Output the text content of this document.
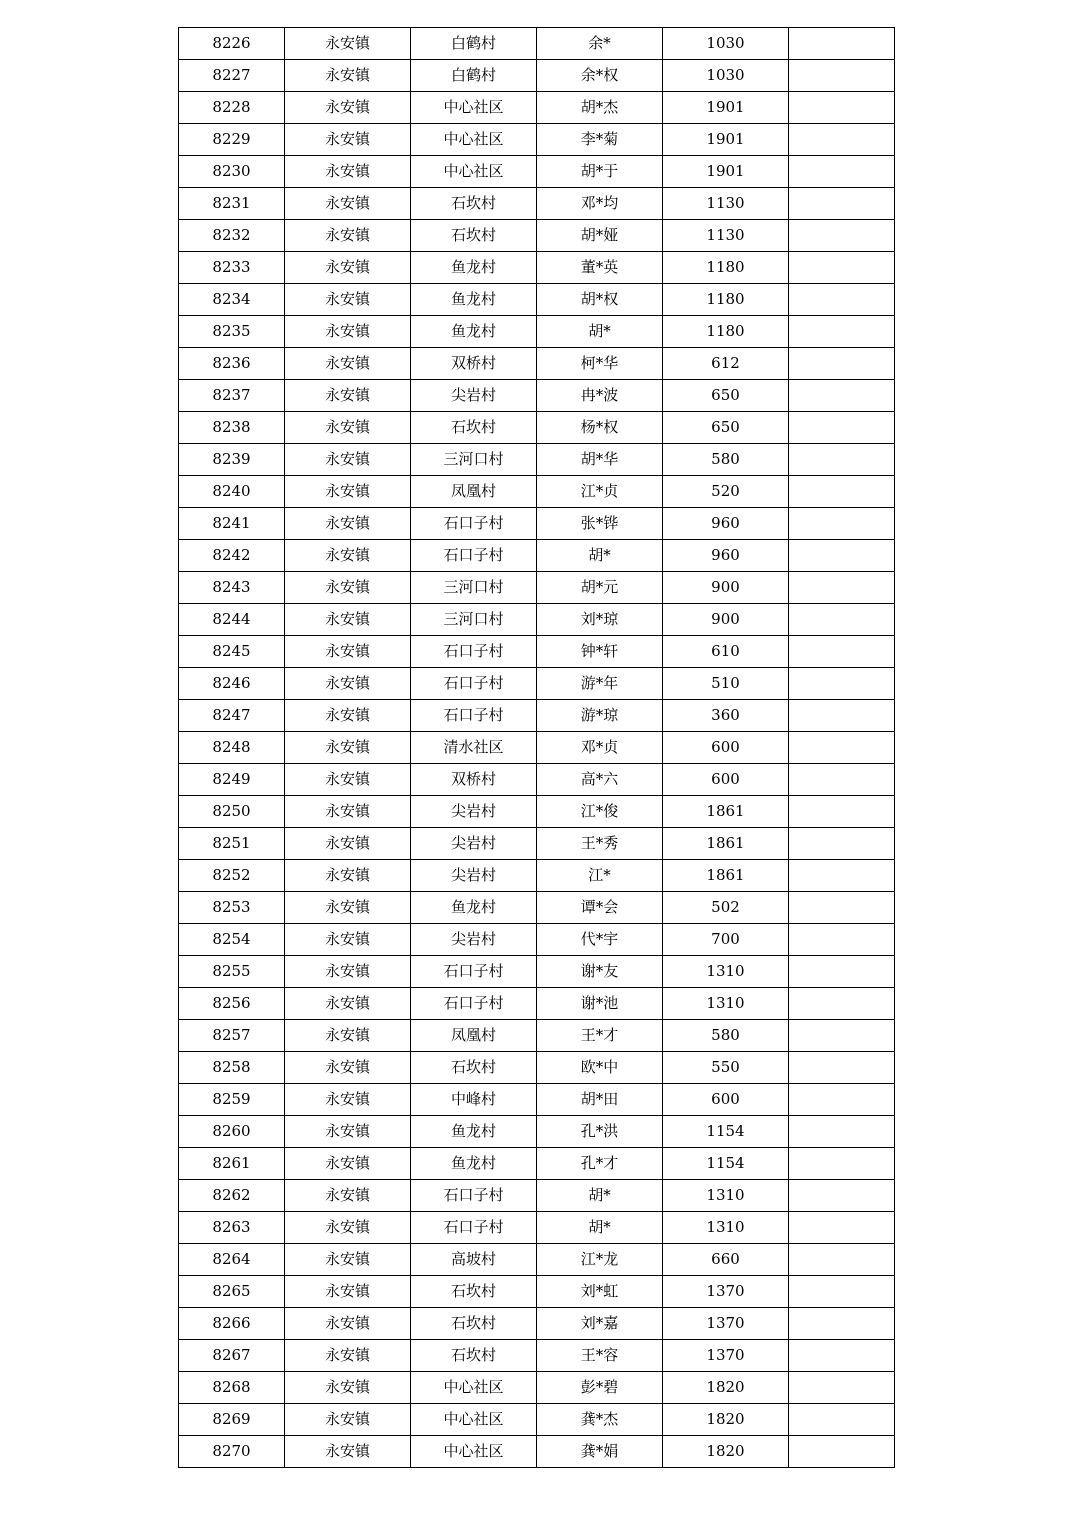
8226	永安镇	白鹤村	余*	1030	
8227	永安镇	白鹤村	余*权	1030	
8228	永安镇	中心社区	胡*杰	1901	
8229	永安镇	中心社区	李*菊	1901	
8230	永安镇	中心社区	胡*于	1901	
8231	永安镇	石坎村	邓*均	1130	
8232	永安镇	石坎村	胡*娅	1130	
8233	永安镇	鱼龙村	董*英	1180	
8234	永安镇	鱼龙村	胡*权	1180	
8235	永安镇	鱼龙村	胡*	1180	
8236	永安镇	双桥村	柯*华	612	
8237	永安镇	尖岩村	冉*波	650	
8238	永安镇	石坎村	杨*权	650	
8239	永安镇	三河口村	胡*华	580	
8240	永安镇	凤凰村	江*贞	520	
8241	永安镇	石口子村	张*铧	960	
8242	永安镇	石口子村	胡*	960	
8243	永安镇	三河口村	胡*元	900	
8244	永安镇	三河口村	刘*琼	900	
8245	永安镇	石口子村	钟*轩	610	
8246	永安镇	石口子村	游*年	510	
8247	永安镇	石口子村	游*琼	360	
8248	永安镇	清水社区	邓*贞	600	
8249	永安镇	双桥村	高*六	600	
8250	永安镇	尖岩村	江*俊	1861	
8251	永安镇	尖岩村	王*秀	1861	
8252	永安镇	尖岩村	江*	1861	
8253	永安镇	鱼龙村	谭*会	502	
8254	永安镇	尖岩村	代*宇	700	
8255	永安镇	石口子村	谢*友	1310	
8256	永安镇	石口子村	谢*池	1310	
8257	永安镇	凤凰村	王*才	580	
8258	永安镇	石坎村	欧*中	550	
8259	永安镇	中峰村	胡*田	600	
8260	永安镇	鱼龙村	孔*洪	1154	
8261	永安镇	鱼龙村	孔*才	1154	
8262	永安镇	石口子村	胡*	1310	
8263	永安镇	石口子村	胡*	1310	
8264	永安镇	高坡村	江*龙	660	
8265	永安镇	石坎村	刘*虹	1370	
8266	永安镇	石坎村	刘*嘉	1370	
8267	永安镇	石坎村	王*容	1370	
8268	永安镇	中心社区	彭*碧	1820	
8269	永安镇	中心社区	龚*杰	1820	
8270	永安镇	中心社区	龚*娟	1820	
